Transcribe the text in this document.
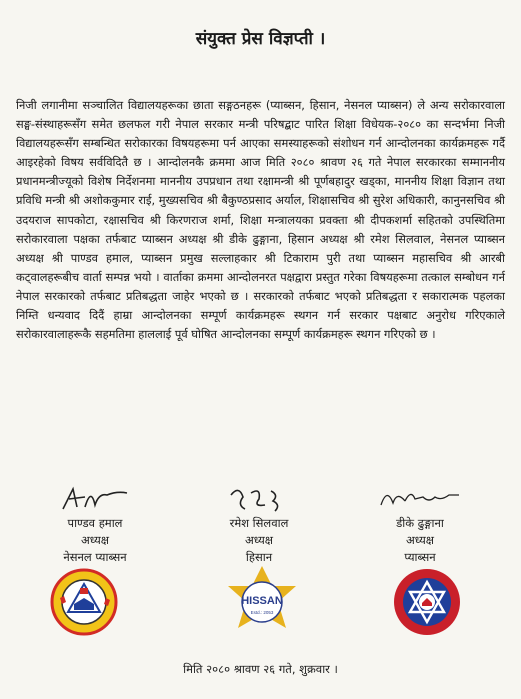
संयुक्त प्रेस विज्ञप्ती ।

निजी लगानीमा सञ्चालित विद्यालयहरूका छाता सङ्गठनहरू (प्याब्सन, हिसान, नेसनल प्याब्सन) ले अन्य सरोकारवाला सङ्घ-संस्थाहरूसँग समेत छलफल गरी नेपाल सरकार मन्त्री परिषद्बाट पारित शिक्षा विधेयक-२०८० का सन्दर्भमा निजी विद्यालयहरूसँग सम्बन्धित सरोकारका विषयहरूमा पर्न आएका समस्याहरूको संशोधन गर्न आन्दोलनका कार्यक्रमहरू गर्दै आइरहेको विषय सर्वविदितै छ । आन्दोलनकै क्रममा आज मिति २०८० श्रावण २६ गते नेपाल सरकारका सम्माननीय प्रधानमन्त्रीज्यूको विशेष निर्देशनमा माननीय उपप्रधान तथा रक्षामन्त्री श्री पूर्णबहादुर खड्का, माननीय शिक्षा विज्ञान तथा प्रविधि मन्त्री श्री अशोककुमार राई, मुख्यसचिव श्री बैकुण्ठप्रसाद अर्याल, शिक्षासचिव श्री सुरेश अधिकारी, कानुनसचिव श्री उदयराज सापकोटा, रक्षासचिव श्री किरणराज शर्मा, शिक्षा मन्त्रालयका प्रवक्ता श्री दीपकशर्मा सहितको उपस्थितिमा सरोकारवाला पक्षका तर्फबाट प्याब्सन अध्यक्ष श्री डीके ढुङ्गाना, हिसान अध्यक्ष श्री रमेश सिलवाल, नेसनल प्याब्सन अध्यक्ष श्री पाण्डव हमाल, प्याब्सन प्रमुख सल्लाहकार श्री टिकाराम पुरी तथा प्याब्सन महासचिव श्री आरबी कट्वालहरूबीच वार्ता सम्पन्न भयो । वार्ताका क्रममा आन्दोलनरत पक्षद्वारा प्रस्तुत गरेका विषयहरूमा तत्काल सम्बोधन गर्न नेपाल सरकारको तर्फबाट प्रतिबद्धता जाहेर भएको छ । सरकारको तर्फबाट भएको प्रतिबद्धता र सकारात्मक पहलका निम्ति धन्यवाद दिदैं हाम्रा आन्दोलनका सम्पूर्ण कार्यक्रमहरू स्थगन गर्न सरकार पक्षबाट अनुरोध गरिएकाले सरोकारवालाहरूकै सहमतिमा हाललाई पूर्व घोषित आन्दोलनका सम्पूर्ण कार्यक्रमहरू स्थगन गरिएको छ ।

पाण्डव हमाल
अध्यक्ष
नेसनल प्याब्सन
रमेश सिलवाल
अध्यक्ष
हिसान
डीके ढुङ्गाना
अध्यक्ष
प्याब्सन
HISSAN
Estd.: 2053
मिति २०८० श्रावण २६ गते, शुक्रवार ।
